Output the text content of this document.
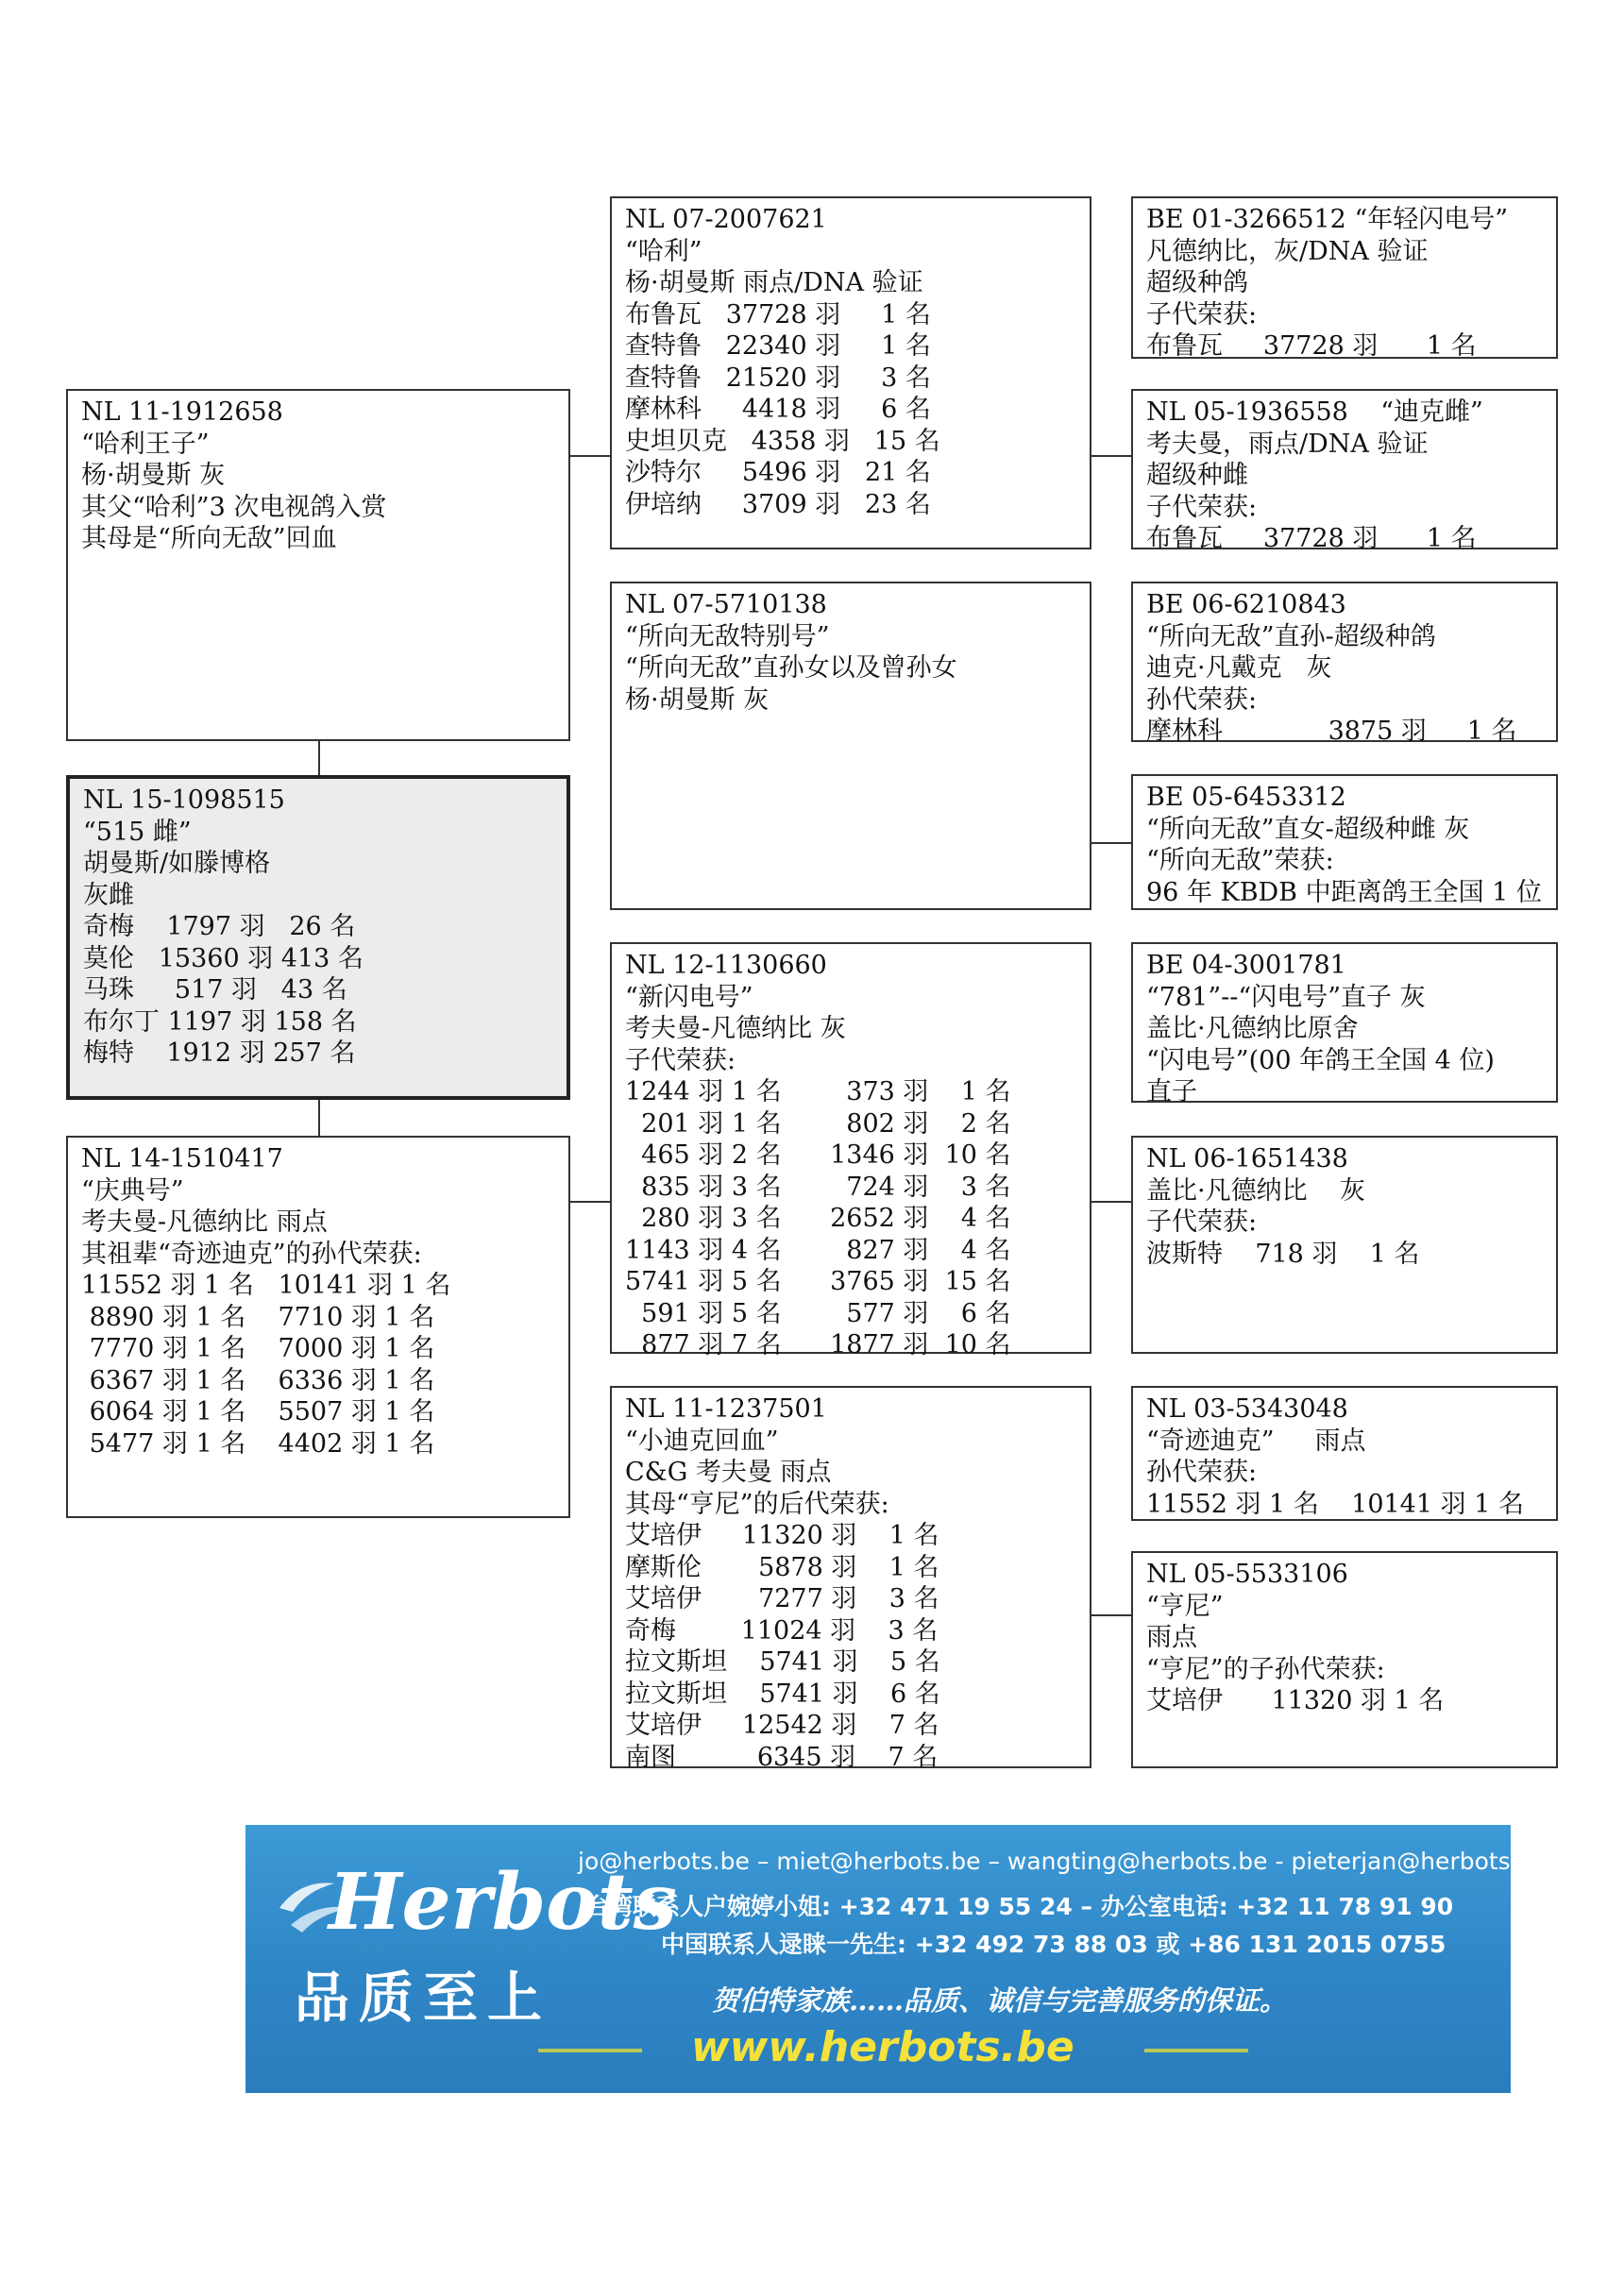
NL 11-1912658
“哈利王子”
杨·胡曼斯 灰
其父“哈利”3 次电视鸽入赏
其母是“所向无敌”回血
NL 15-1098515
“515 雌”
胡曼斯/如滕博格
灰雌
奇梅    1797 羽   26 名
莫伦   15360 羽 413 名
马珠     517 羽   43 名
布尔丁 1197 羽 158 名
梅特    1912 羽 257 名
NL 14-1510417
“庆典号”
考夫曼-凡德纳比 雨点
其祖辈“奇迹迪克”的孙代荣获:
11552 羽 1 名   10141 羽 1 名
8890 羽 1 名    7710 羽 1 名
7770 羽 1 名    7000 羽 1 名
6367 羽 1 名    6336 羽 1 名
6064 羽 1 名    5507 羽 1 名
5477 羽 1 名    4402 羽 1 名
NL 07-2007621
“哈利”
杨·胡曼斯 雨点/DNA 验证
布鲁瓦   37728 羽     1 名
查特鲁   22340 羽     1 名
查特鲁   21520 羽     3 名
摩林科     4418 羽     6 名
史坦贝克   4358 羽   15 名
沙特尔     5496 羽   21 名
伊培纳     3709 羽   23 名
NL 07-5710138
“所向无敌特别号”
“所向无敌”直孙女以及曾孙女
杨·胡曼斯 灰
NL 12-1130660
“新闪电号”
考夫曼-凡德纳比 灰
子代荣获:
1244 羽 1 名        373 羽    1 名
201 羽 1 名        802 羽    2 名
465 羽 2 名      1346 羽  10 名
835 羽 3 名        724 羽    3 名
280 羽 3 名      2652 羽    4 名
1143 羽 4 名        827 羽    4 名
5741 羽 5 名      3765 羽  15 名
591 羽 5 名        577 羽    6 名
877 羽 7 名      1877 羽  10 名
NL 11-1237501
“小迪克回血”
C&G 考夫曼 雨点
其母“亨尼”的后代荣获:
艾培伊     11320 羽    1 名
摩斯伦       5878 羽    1 名
艾培伊       7277 羽    3 名
奇梅        11024 羽    3 名
拉文斯坦    5741 羽    5 名
拉文斯坦    5741 羽    6 名
艾培伊     12542 羽    7 名
南图          6345 羽    7 名
BE 01-3266512 “年轻闪电号”
凡德纳比，灰/DNA 验证
超级种鸽
子代荣获:
布鲁瓦     37728 羽      1 名
NL 05-1936558    “迪克雌”
考夫曼，雨点/DNA 验证
超级种雌
子代荣获:
布鲁瓦     37728 羽      1 名
BE 06-6210843
“所向无敌”直孙-超级种鸽
迪克·凡戴克   灰
孙代荣获:
摩林科             3875 羽     1 名
BE 05-6453312
“所向无敌”直女-超级种雌 灰
“所向无敌”荣获:
96 年 KBDB 中距离鸽王全国 1 位
BE 04-3001781
“781”--“闪电号”直子 灰
盖比·凡德纳比原舍
“闪电号”(00 年鸽王全国 4 位)
直子
NL 06-1651438
盖比·凡德纳比    灰
子代荣获:
波斯特    718 羽    1 名
NL 03-5343048
“奇迹迪克”     雨点
孙代荣获:
11552 羽 1 名    10141 羽 1 名
NL 05-5533106
“亨尼”
雨点
“亨尼”的子孙代荣获:
艾培伊      11320 羽 1 名
Herbots
品质至上
jo@herbots.be – miet@herbots.be – wangting@herbots.be - pieterjan@herbots.be
台湾联系人户婉婷小姐: +32 471 19 55 24 – 办公室电话: +32 11 78 91 90
中国联系人逯睐一先生: +32 492 73 88 03 或 +86 131 2015 0755
贺伯特家族……品质、诚信与完善服务的保证。
www.herbots.be
